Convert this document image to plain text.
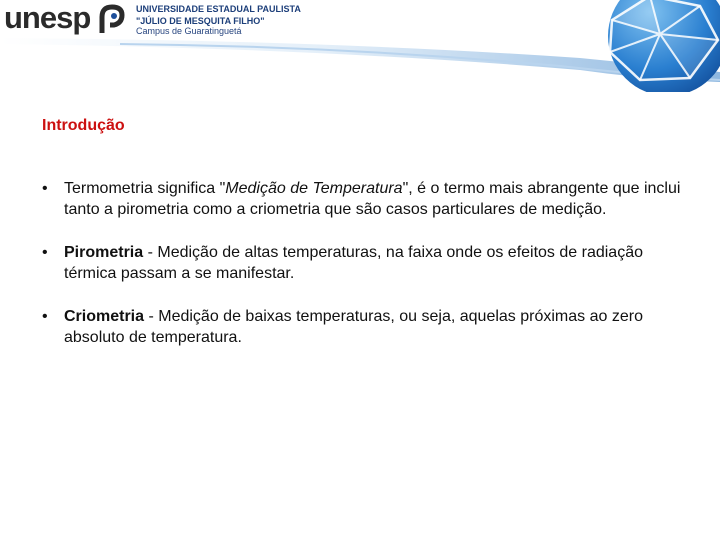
unesp	UNIVERSIDADE ESTADUAL PAULISTA
"JÚLIO DE MESQUITA FILHO"
Campus de Guaratinguetá
Introdução
• Termometria significa "Medição de Temperatura", é o termo mais abrangente que inclui tanto a pirometria como a criometria que são casos particulares de medição.
• Pirometria - Medição de altas temperaturas, na faixa onde os efeitos de radiação térmica passam a se manifestar.
• Criometria - Medição de baixas temperaturas, ou seja, aquelas próximas ao zero absoluto de temperatura.
